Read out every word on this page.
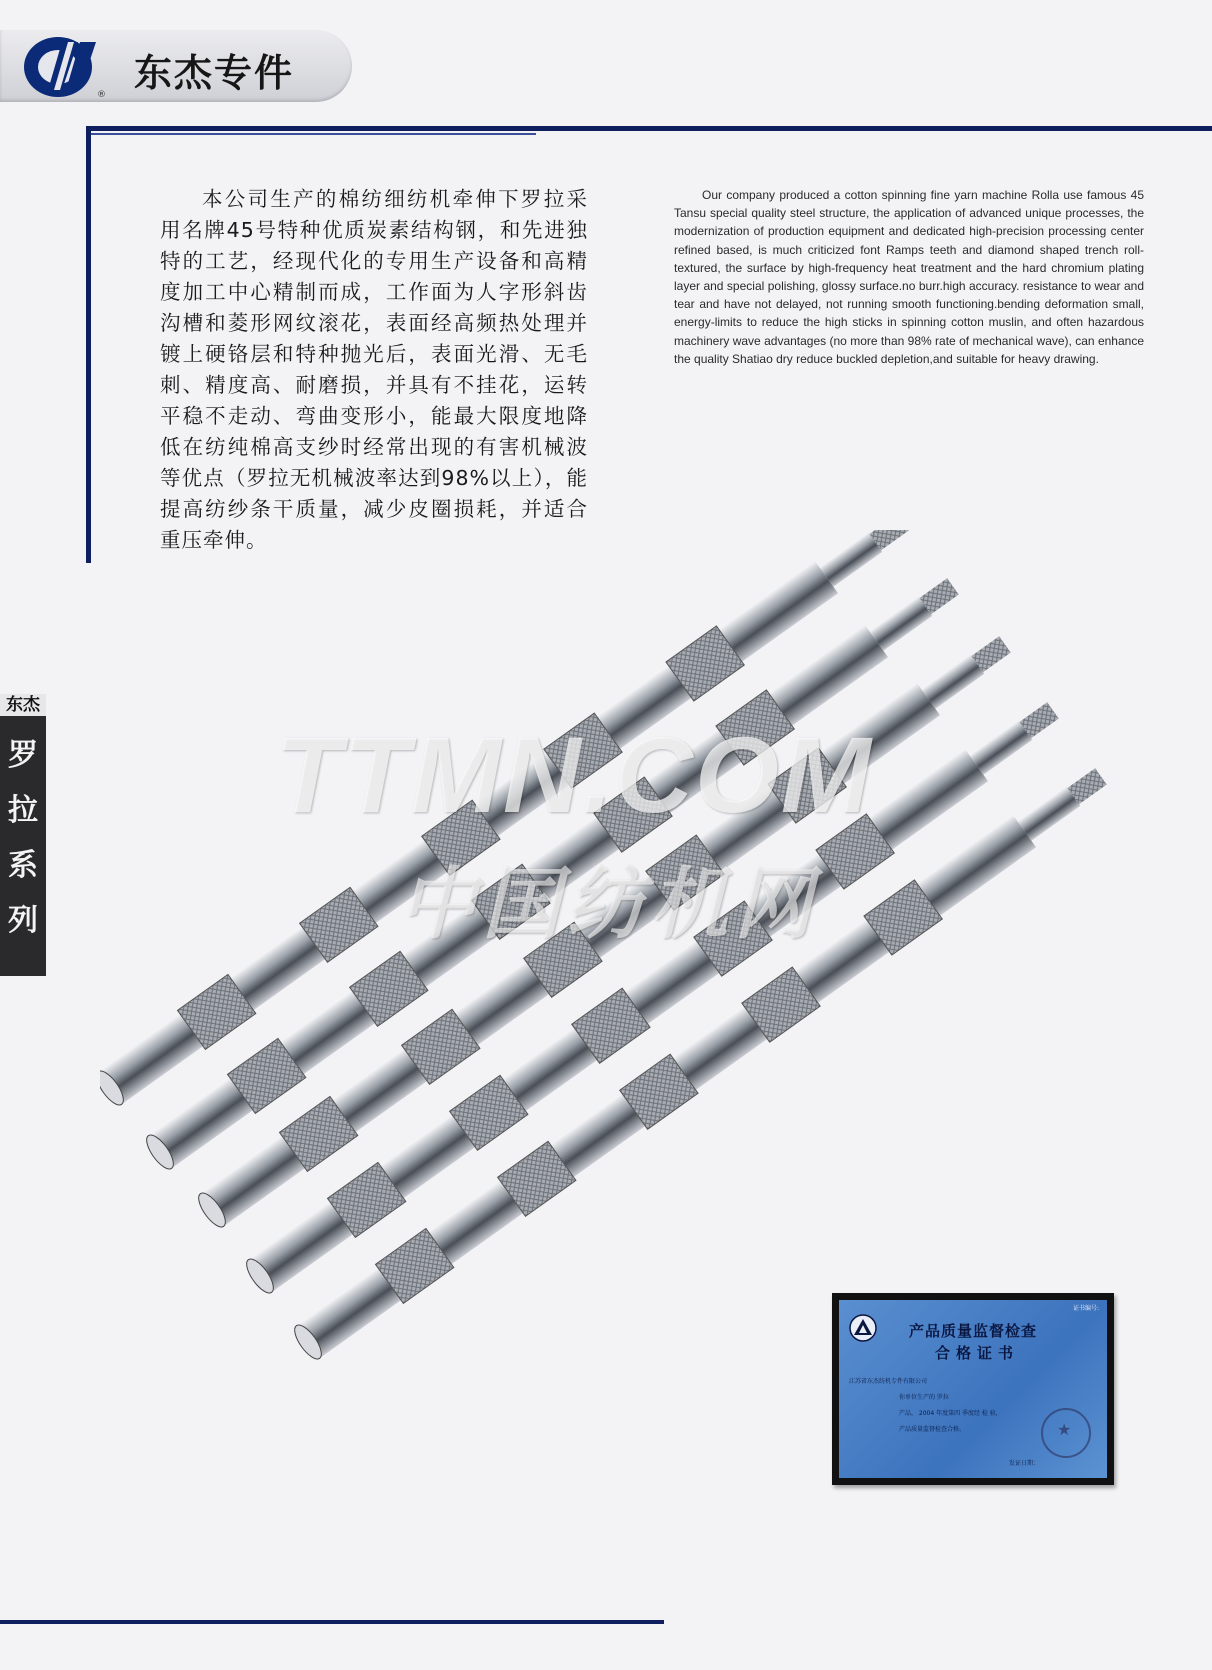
® 东杰专件
东杰
罗
拉
系
列

本公司生产的棉纺细纺机牵伸下罗拉采用名牌45号特种优质炭素结构钢，和先进独特的工艺，经现代化的专用生产设备和高精度加工中心精制而成，工作面为人字形斜齿沟槽和菱形网纹滚花，表面经高频热处理并镀上硬铬层和特种抛光后，表面光滑、无毛刺、精度高、耐磨损，并具有不挂花，运转平稳不走动、弯曲变形小，能最大限度地降低在纺纯棉高支纱时经常出现的有害机械波等优点（罗拉无机械波率达到98%以上），能提高纺纱条干质量，减少皮圈损耗，并适合重压牵伸。

Our company produced a cotton spinning fine yarn machine Rolla use famous 45 Tansu special quality steel structure, the application of advanced unique processes, the modernization of production equipment and dedicated high-precision processing center refined based, is much criticized font Ramps teeth and diamond shaped trench roll-textured, the surface by high-frequency heat treatment and the hard chromium plating layer and special polishing, glossy surface.no burr.high accuracy. resistance to wear and tear and have not delayed, not running smooth functioning.bending deformation small, energy-limits to reduce the high sticks in spinning cotton muslin, and often hazardous machinery wave advantages (no more than 98% rate of mechanical wave), can enhance the quality Shatiao dry reduce buckled depletion,and suitable for heavy drawing.

TTMN.COM
中国纺机网
证书编号:
产品质量监督检查
合格证书
江苏省东杰纺机专件有限公司
你单位生产的 罗拉
产品， 2004 年度第四 季度经 检 验，
产品质量监督检查合格。
发证日期：
★
